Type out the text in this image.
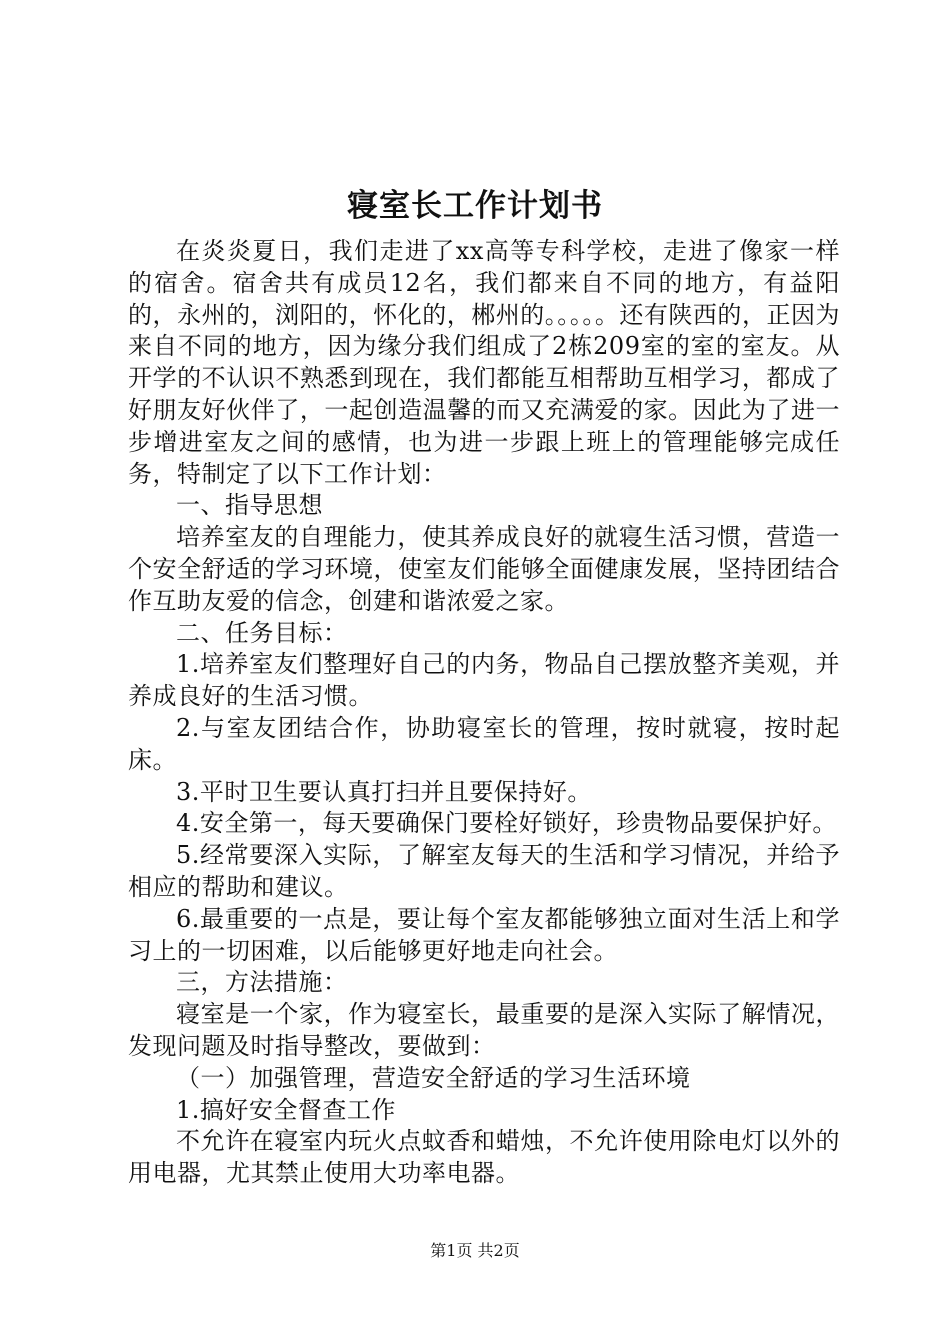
寝室长工作计划书

在炎炎夏日，我们走进了xx高等专科学校，走进了像家一样的宿舍。宿舍共有成员12名，我们都来自不同的地方，有益阳的，永州的，浏阳的，怀化的，郴州的。。。。。还有陕西的，正因为来自不同的地方，因为缘分我们组成了2栋209室的室的室友。从开学的不认识不熟悉到现在，我们都能互相帮助互相学习，都成了好朋友好伙伴了，一起创造温馨的而又充满爱的家。因此为了进一步增进室友之间的感情，也为进一步跟上班上的管理能够完成任务，特制定了以下工作计划：

一、指导思想

培养室友的自理能力，使其养成良好的就寝生活习惯，营造一个安全舒适的学习环境，使室友们能够全面健康发展，坚持团结合作互助友爱的信念，创建和谐浓爱之家。

二、任务目标：

1.培养室友们整理好自己的内务，物品自己摆放整齐美观，并养成良好的生活习惯。

2.与室友团结合作，协助寝室长的管理，按时就寝，按时起床。

3.平时卫生要认真打扫并且要保持好。

4.安全第一，每天要确保门要栓好锁好，珍贵物品要保护好。

5.经常要深入实际，了解室友每天的生活和学习情况，并给予相应的帮助和建议。

6.最重要的一点是，要让每个室友都能够独立面对生活上和学习上的一切困难，以后能够更好地走向社会。

三，方法措施：

寝室是一个家，作为寝室长，最重要的是深入实际了解情况，发现问题及时指导整改，要做到：

（一）加强管理，营造安全舒适的学习生活环境

1.搞好安全督查工作

不允许在寝室内玩火点蚊香和蜡烛，不允许使用除电灯以外的用电器，尤其禁止使用大功率电器。

第1页 共2页
